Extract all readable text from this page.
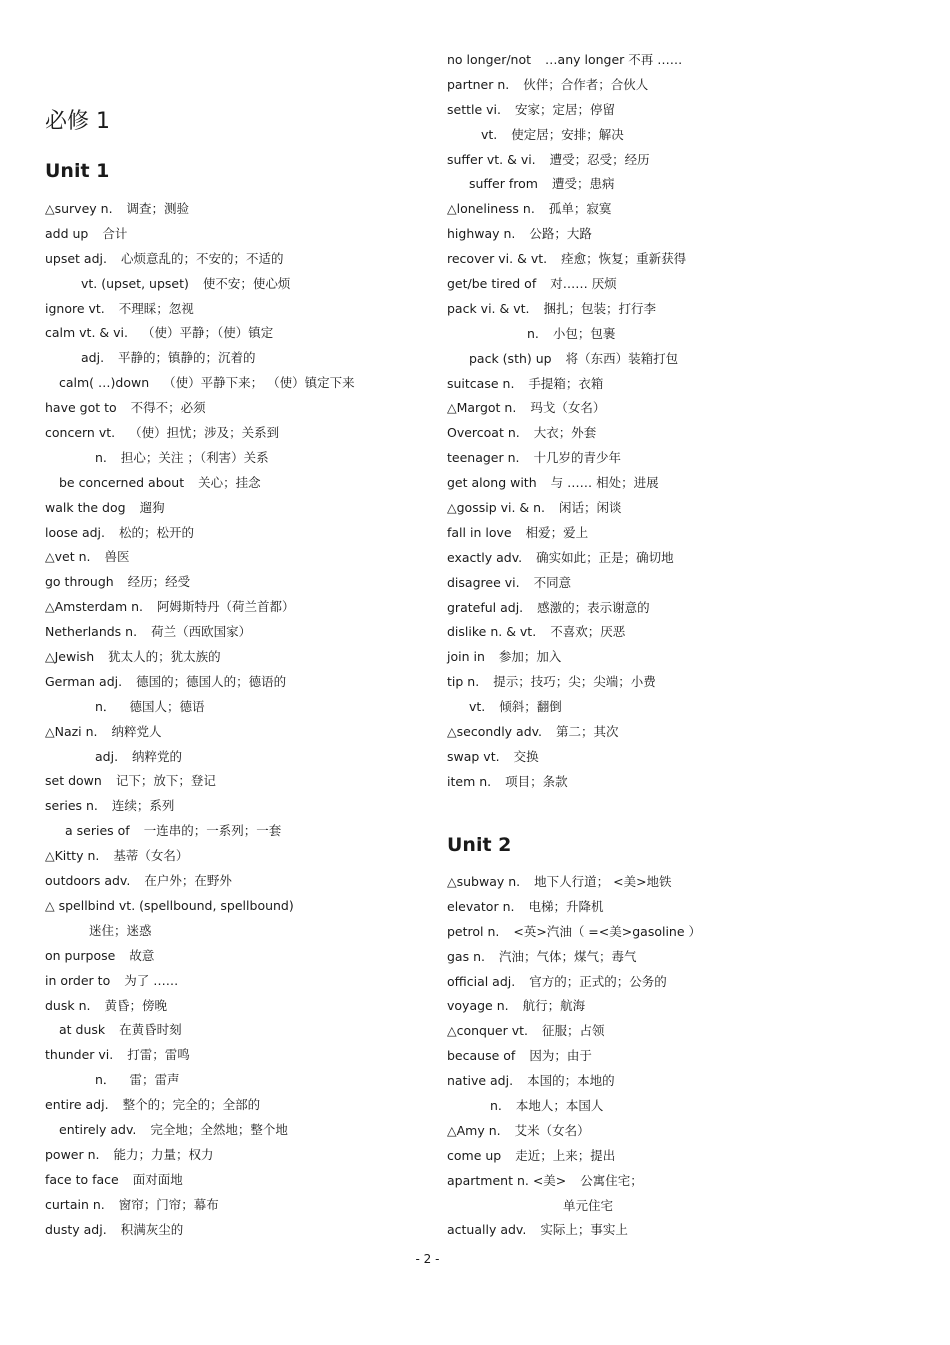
必修 1
Unit 1
△survey n. 调查；测验
add up 合计
upset adj. 心烦意乱的；不安的；不适的
vt. (upset, upset) 使不安；使心烦
ignore vt. 不理睬；忽视
calm vt. & vi. （使）平静；（使）镇定
adj. 平静的；镇静的；沉着的
calm( …)down （使）平静下来； （使）镇定下来
have got to 不得不；必须
concern vt. （使）担忧；涉及；关系到
n. 担心；关注 ；（利害）关系
be concerned about 关心；挂念
walk the dog 遛狗
loose adj. 松的；松开的
△vet n. 兽医
go through 经历；经受
△Amsterdam n. 阿姆斯特丹（荷兰首都）
Netherlands n. 荷兰（西欧国家）
△Jewish 犹太人的；犹太族的
German adj. 德国的；德国人的；德语的
n． 德国人；德语
△Nazi n. 纳粹党人
adj. 纳粹党的
set down 记下；放下；登记
series n. 连续；系列
a series of 一连串的；一系列；一套
△Kitty n. 基蒂（女名）
outdoors adv. 在户外；在野外
△ spellbind vt. (spellbound, spellbound)
迷住；迷惑
on purpose 故意
in order to 为了 ……
dusk n. 黄昏；傍晚
at dusk 在黄昏时刻
thunder vi. 打雷；雷鸣
n． 雷；雷声
entire adj. 整个的；完全的；全部的
entirely adv. 完全地；全然地；整个地
power n. 能力；力量；权力
face to face 面对面地
curtain n. 窗帘；门帘；幕布
dusty adj. 积满灰尘的
no longer/not …any longer 不再 ……
partner n. 伙伴；合作者；合伙人
settle vi. 安家；定居；停留
vt. 使定居；安排；解决
suffer vt. & vi. 遭受；忍受；经历
suffer from 遭受；患病
△loneliness n. 孤单；寂寞
highway n. 公路；大路
recover vi. & vt. 痊愈；恢复；重新获得
get/be tired of 对…… 厌烦
pack vi. & vt. 捆扎；包装；打行李
n. 小包；包裹
pack (sth) up 将（东西）装箱打包
suitcase n. 手提箱；衣箱
△Margot n. 玛戈（女名）
Overcoat n. 大衣；外套
teenager n. 十几岁的青少年
get along with 与 …… 相处；进展
△gossip vi. & n. 闲话；闲谈
fall in love 相爱；爱上
exactly adv. 确实如此；正是；确切地
disagree vi. 不同意
grateful adj. 感激的；表示谢意的
dislike n. & vt. 不喜欢；厌恶
join in 参加；加入
tip n. 提示；技巧；尖；尖端；小费
vt. 倾斜；翻倒
△secondly adv. 第二；其次
swap vt. 交换
item n. 项目；条款
Unit 2
△subway n. 地下人行道； <美>地铁
elevator n. 电梯；升降机
petrol n. <英>汽油（ =<美>gasoline ）
gas n. 汽油；气体；煤气；毒气
official adj. 官方的；正式的；公务的
voyage n. 航行；航海
△conquer vt. 征服；占领
because of 因为；由于
native adj. 本国的；本地的
n. 本地人；本国人
△Amy n. 艾米（女名）
come up 走近；上来；提出
apartment n. <美> 公寓住宅；
单元住宅
actually adv. 实际上；事实上
- 2 -
